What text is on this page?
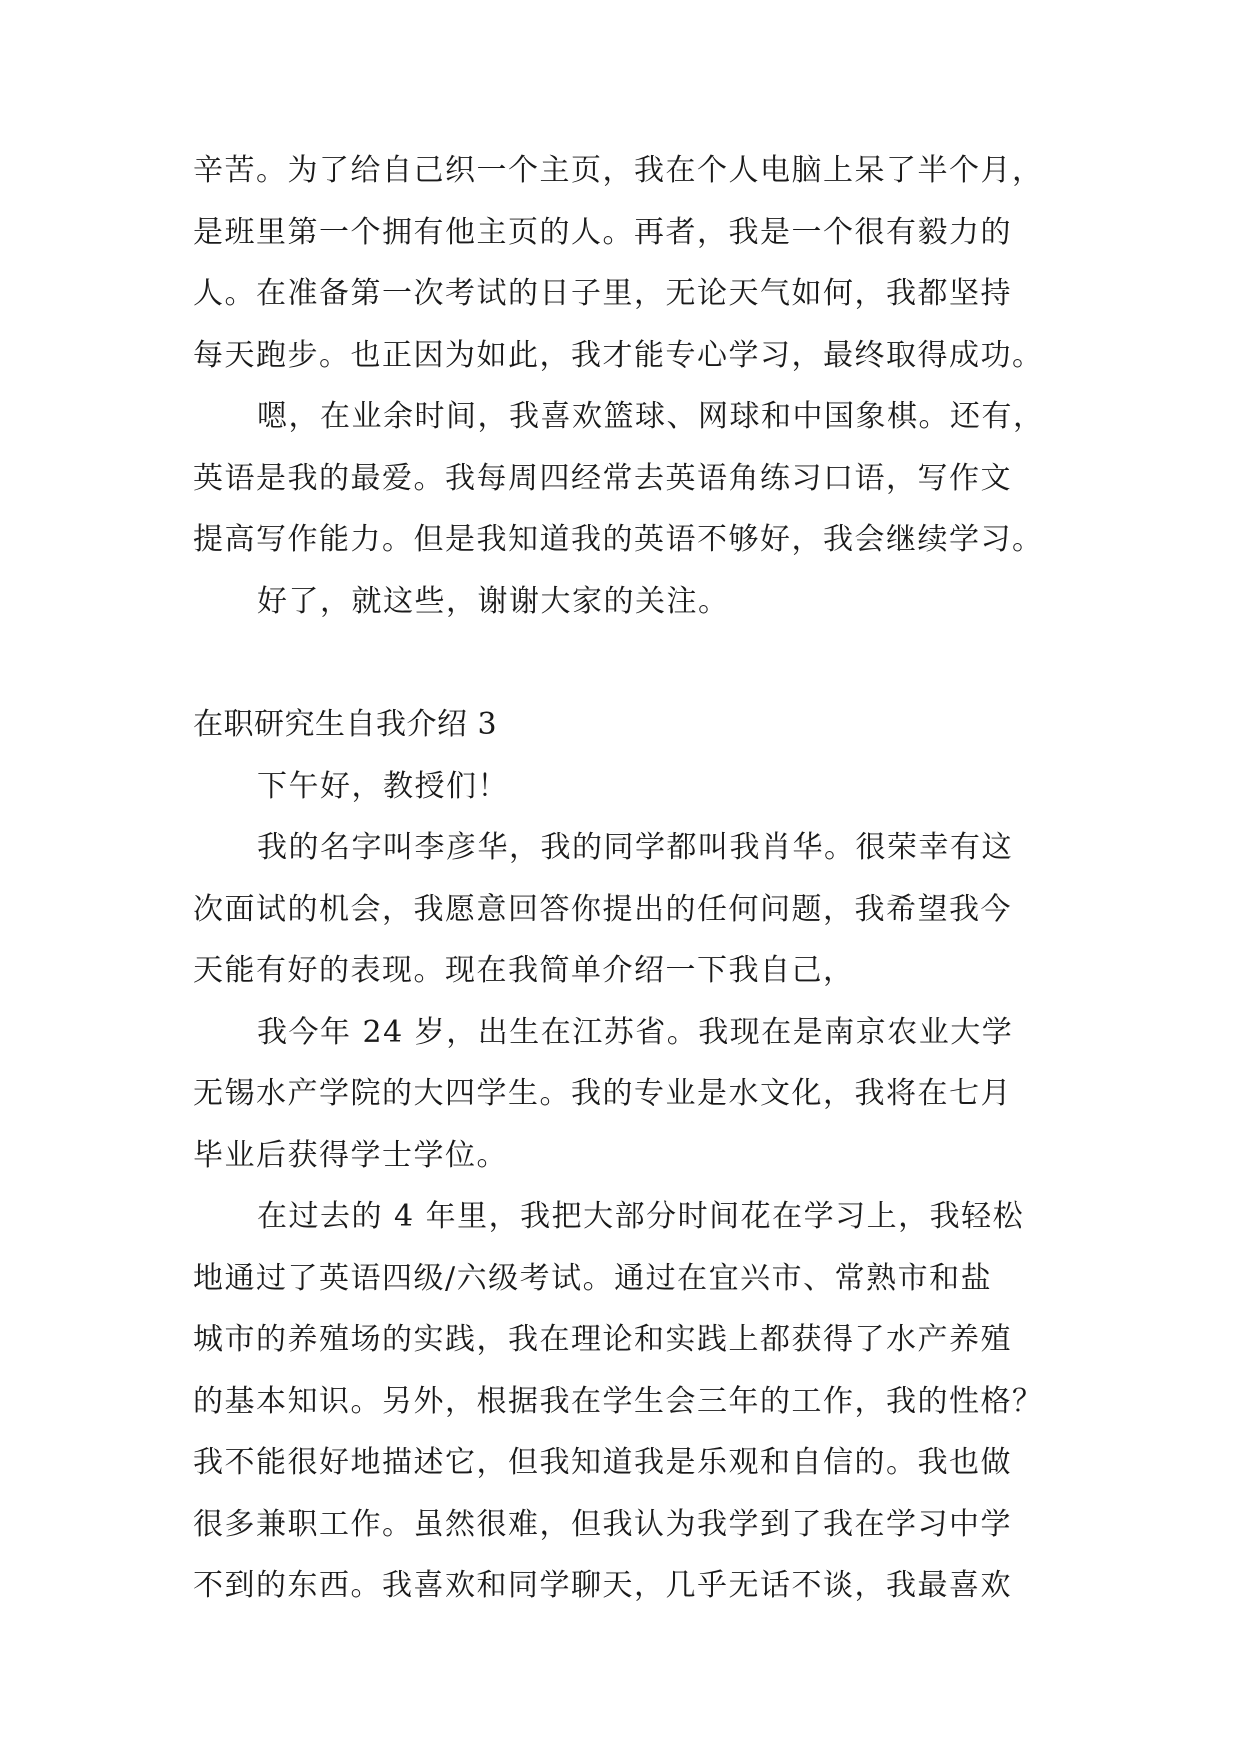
辛苦。为了给自己织一个主页，我在个人电脑上呆了半个月，

是班里第一个拥有他主页的人。再者，我是一个很有毅力的

人。在准备第一次考试的日子里，无论天气如何，我都坚持

每天跑步。也正因为如此，我才能专心学习，最终取得成功。

嗯，在业余时间，我喜欢篮球、网球和中国象棋。还有，

英语是我的最爱。我每周四经常去英语角练习口语，写作文

提高写作能力。但是我知道我的英语不够好，我会继续学习。

好了，就这些，谢谢大家的关注。

在职研究生自我介绍 3

下午好，教授们！

我的名字叫李彦华，我的同学都叫我肖华。很荣幸有这

次面试的机会，我愿意回答你提出的任何问题，我希望我今

天能有好的表现。现在我简单介绍一下我自己，

我今年 24 岁，出生在江苏省。我现在是南京农业大学

无锡水产学院的大四学生。我的专业是水文化，我将在七月

毕业后获得学士学位。

在过去的 4 年里，我把大部分时间花在学习上，我轻松

地通过了英语四级/六级考试。通过在宜兴市、常熟市和盐

城市的养殖场的实践，我在理论和实践上都获得了水产养殖

的基本知识。另外，根据我在学生会三年的工作，我的性格？

我不能很好地描述它，但我知道我是乐观和自信的。我也做

很多兼职工作。虽然很难，但我认为我学到了我在学习中学

不到的东西。我喜欢和同学聊天，几乎无话不谈，我最喜欢
